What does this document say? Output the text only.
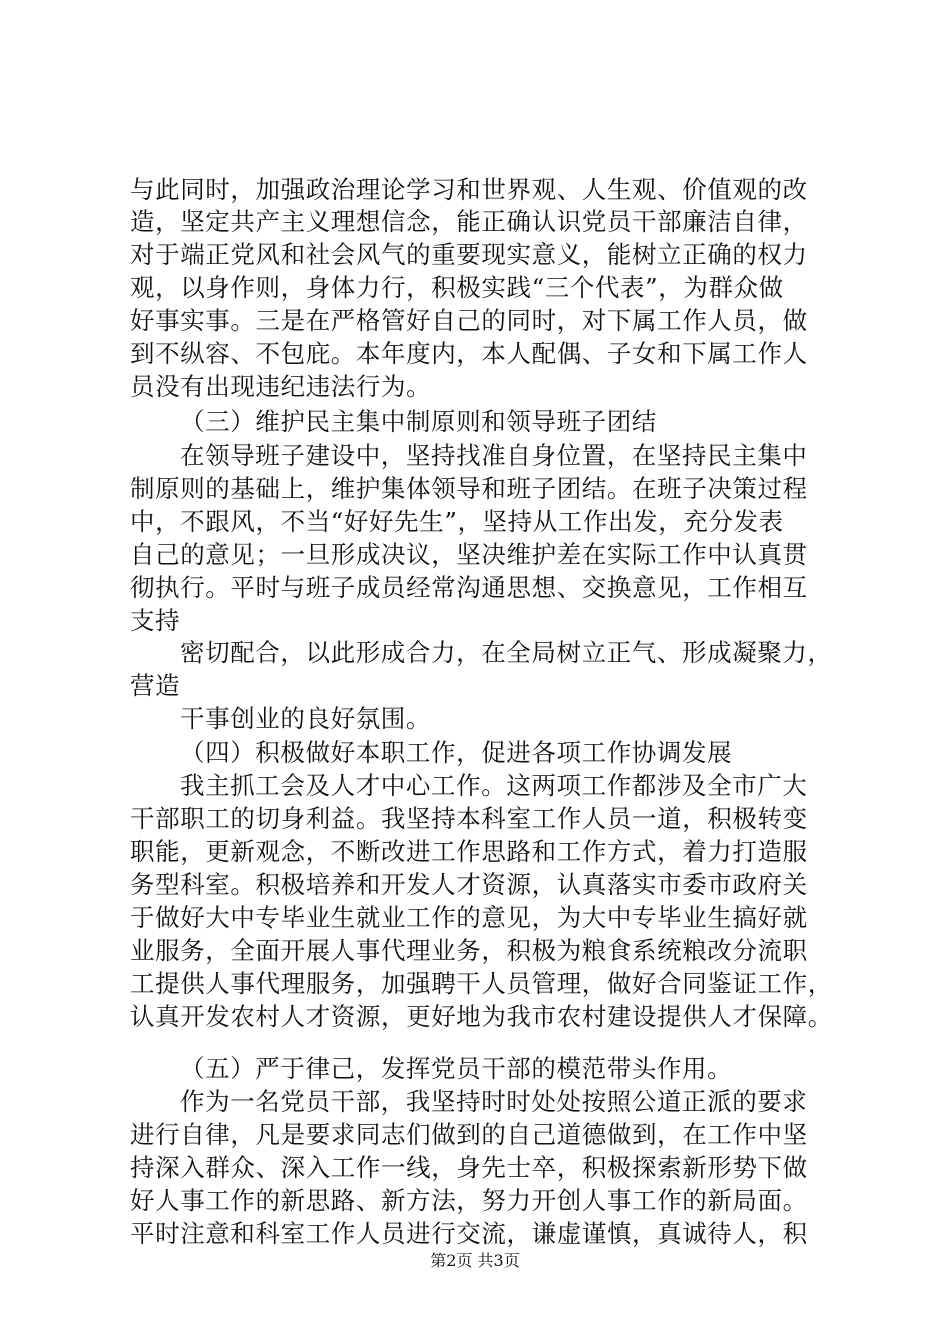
与此同时，加强政治理论学习和世界观、人生观、价值观的改
造，坚定共产主义理想信念，能正确认识党员干部廉洁自律，
对于端正党风和社会风气的重要现实意义，能树立正确的权力
观，以身作则，身体力行，积极实践“三个代表”，为群众做
好事实事。三是在严格管好自己的同时，对下属工作人员，做
到不纵容、不包庇。本年度内，本人配偶、子女和下属工作人
员没有出现违纪违法行为。
（三）维护民主集中制原则和领导班子团结
在领导班子建设中，坚持找准自身位置，在坚持民主集中
制原则的基础上，维护集体领导和班子团结。在班子决策过程
中，不跟风，不当“好好先生”，坚持从工作出发，充分发表
自己的意见；一旦形成决议，坚决维护差在实际工作中认真贯
彻执行。平时与班子成员经常沟通思想、交换意见，工作相互
支持
密切配合，以此形成合力，在全局树立正气、形成凝聚力，
营造
干事创业的良好氛围。
（四）积极做好本职工作，促进各项工作协调发展
我主抓工会及人才中心工作。这两项工作都涉及全市广大
干部职工的切身利益。我坚持本科室工作人员一道，积极转变
职能，更新观念，不断改进工作思路和工作方式，着力打造服
务型科室。积极培养和开发人才资源，认真落实市委市政府关
于做好大中专毕业生就业工作的意见，为大中专毕业生搞好就
业服务，全面开展人事代理业务，积极为粮食系统粮改分流职
工提供人事代理服务，加强聘干人员管理，做好合同鉴证工作，
认真开发农村人才资源，更好地为我市农村建设提供人才保障。
（五）严于律己，发挥党员干部的模范带头作用。
作为一名党员干部，我坚持时时处处按照公道正派的要求
进行自律，凡是要求同志们做到的自己道德做到，在工作中坚
持深入群众、深入工作一线，身先士卒，积极探索新形势下做
好人事工作的新思路、新方法，努力开创人事工作的新局面。
平时注意和科室工作人员进行交流，谦虚谨慎，真诚待人，积
第2页 共3页
